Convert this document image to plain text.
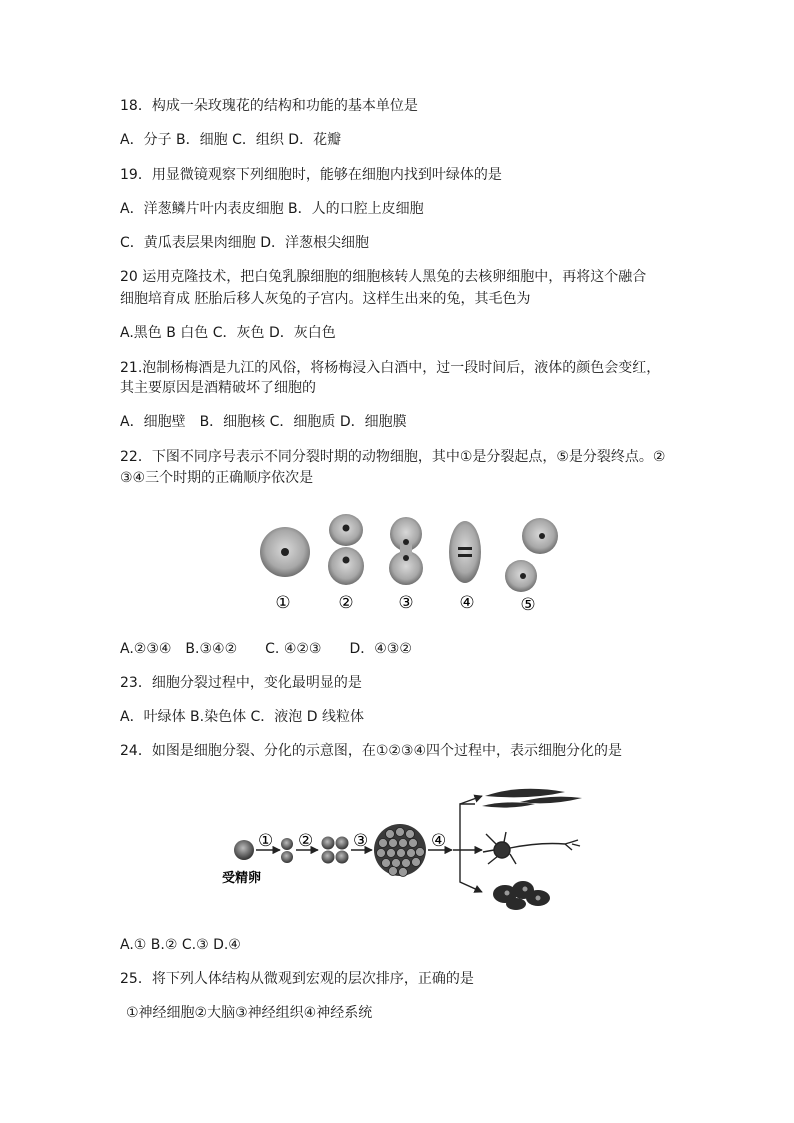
18．构成一朵玫瑰花的结构和功能的基本单位是
A．分子 B．细胞 C．组织 D．花瓣
19．用显微镜观察下列细胞时，能够在细胞内找到叶绿体的是
A．洋葱鳞片叶内表皮细胞 B．人的口腔上皮细胞
C．黄瓜表层果肉细胞 D．洋葱根尖细胞
20 运用克隆技术，把白兔乳腺细胞的细胞核转人黑兔的去核卵细胞中，再将这个融合
细胞培育成 胚胎后移人灰兔的子宫内。这样生出来的兔，其毛色为
A.黑色 B 白色 C．灰色 D．灰白色
21.泡制杨梅酒是九江的风俗，将杨梅浸入白酒中，过一段时间后，液体的颜色会变红，
其主要原因是酒精破坏了细胞的
A．细胞壁　B．细胞核 C．细胞质 D．细胞膜
22．下图不同序号表示不同分裂时期的动物细胞，其中①是分裂起点，⑤是分裂终点。②
③④三个时期的正确顺序依次是
①	②	③	④	⑤
A.②③④　B.③④②　　C. ④②③　　D．④③②
23．细胞分裂过程中，变化最明显的是
A．叶绿体 B.染色体 C．液泡 D 线粒体
24．如图是细胞分裂、分化的示意图，在①②③④四个过程中，表示细胞分化的是
受精卵
① ② ③	④
A.① B.② C.③ D.④
25．将下列人体结构从微观到宏观的层次排序，正确的是
①神经细胞②大脑③神经组织④神经系统
